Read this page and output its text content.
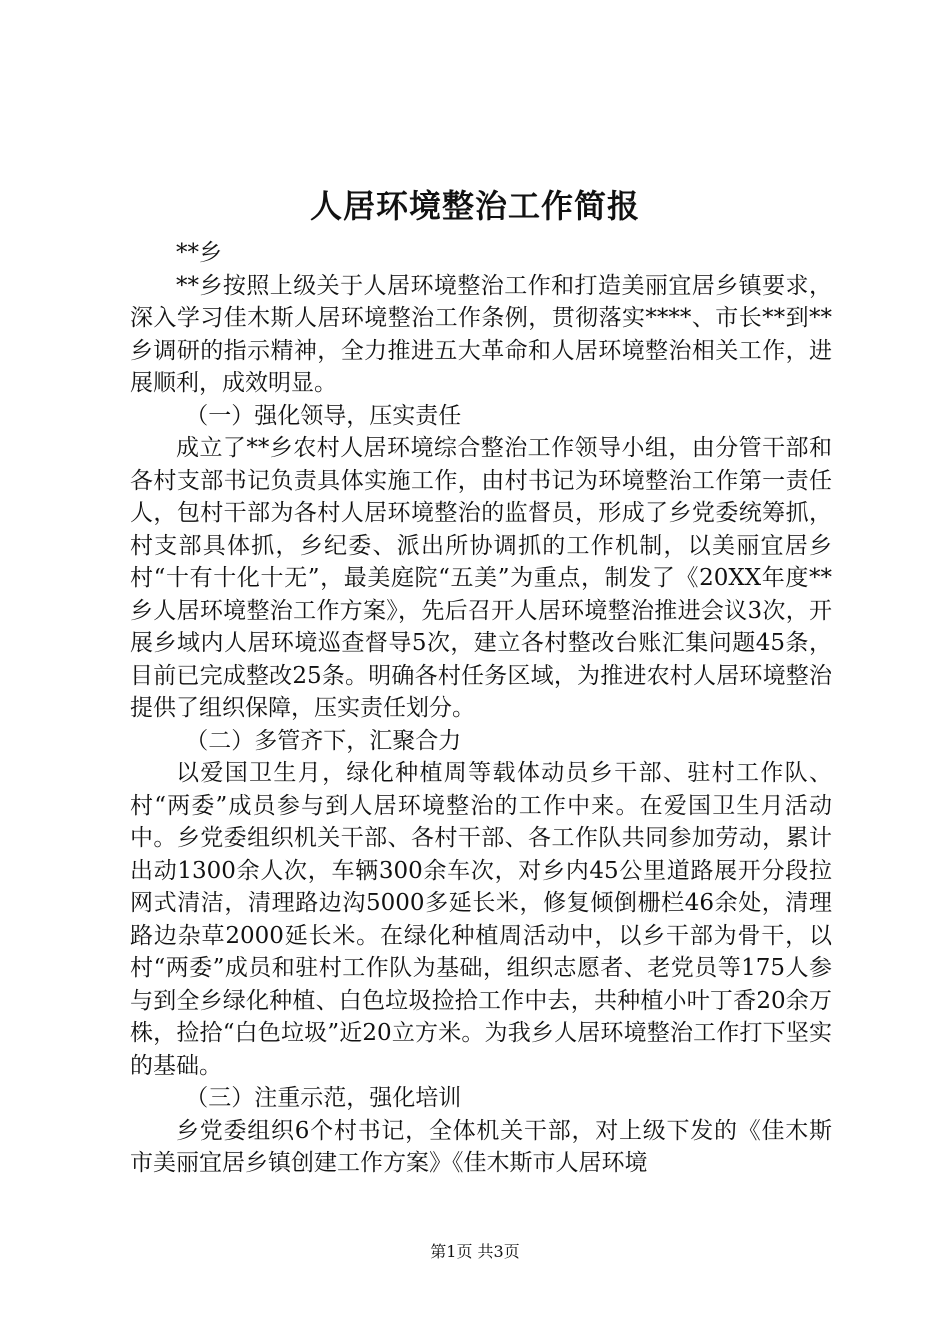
人居环境整治工作简报

**乡

**乡按照上级关于人居环境整治工作和打造美丽宜居乡镇要求，深入学习佳木斯人居环境整治工作条例，贯彻落实****、市长**到**乡调研的指示精神，全力推进五大革命和人居环境整治相关工作，进展顺利，成效明显。

（一）强化领导，压实责任

成立了**乡农村人居环境综合整治工作领导小组，由分管干部和各村支部书记负责具体实施工作，由村书记为环境整治工作第一责任人，包村干部为各村人居环境整治的监督员，形成了乡党委统筹抓，村支部具体抓，乡纪委、派出所协调抓的工作机制，以美丽宜居乡村“十有十化十无”，最美庭院“五美”为重点，制发了《20XX年度**乡人居环境整治工作方案》，先后召开人居环境整治推进会议3次，开展乡域内人居环境巡查督导5次，建立各村整改台账汇集问题45条，目前已完成整改25条。明确各村任务区域，为推进农村人居环境整治提供了组织保障，压实责任划分。

（二）多管齐下，汇聚合力

以爱国卫生月，绿化种植周等载体动员乡干部、驻村工作队、村“两委”成员参与到人居环境整治的工作中来。在爱国卫生月活动中。乡党委组织机关干部、各村干部、各工作队共同参加劳动，累计出动1300余人次，车辆300余车次，对乡内45公里道路展开分段拉网式清洁，清理路边沟5000多延长米，修复倾倒栅栏46余处，清理路边杂草2000延长米。在绿化种植周活动中，以乡干部为骨干，以村“两委”成员和驻村工作队为基础，组织志愿者、老党员等175人参与到全乡绿化种植、白色垃圾捡拾工作中去，共种植小叶丁香20余万株，捡拾“白色垃圾”近20立方米。为我乡人居环境整治工作打下坚实的基础。

（三）注重示范，强化培训

乡党委组织6个村书记，全体机关干部，对上级下发的《佳木斯市美丽宜居乡镇创建工作方案》《佳木斯市人居环境

第1页 共3页
